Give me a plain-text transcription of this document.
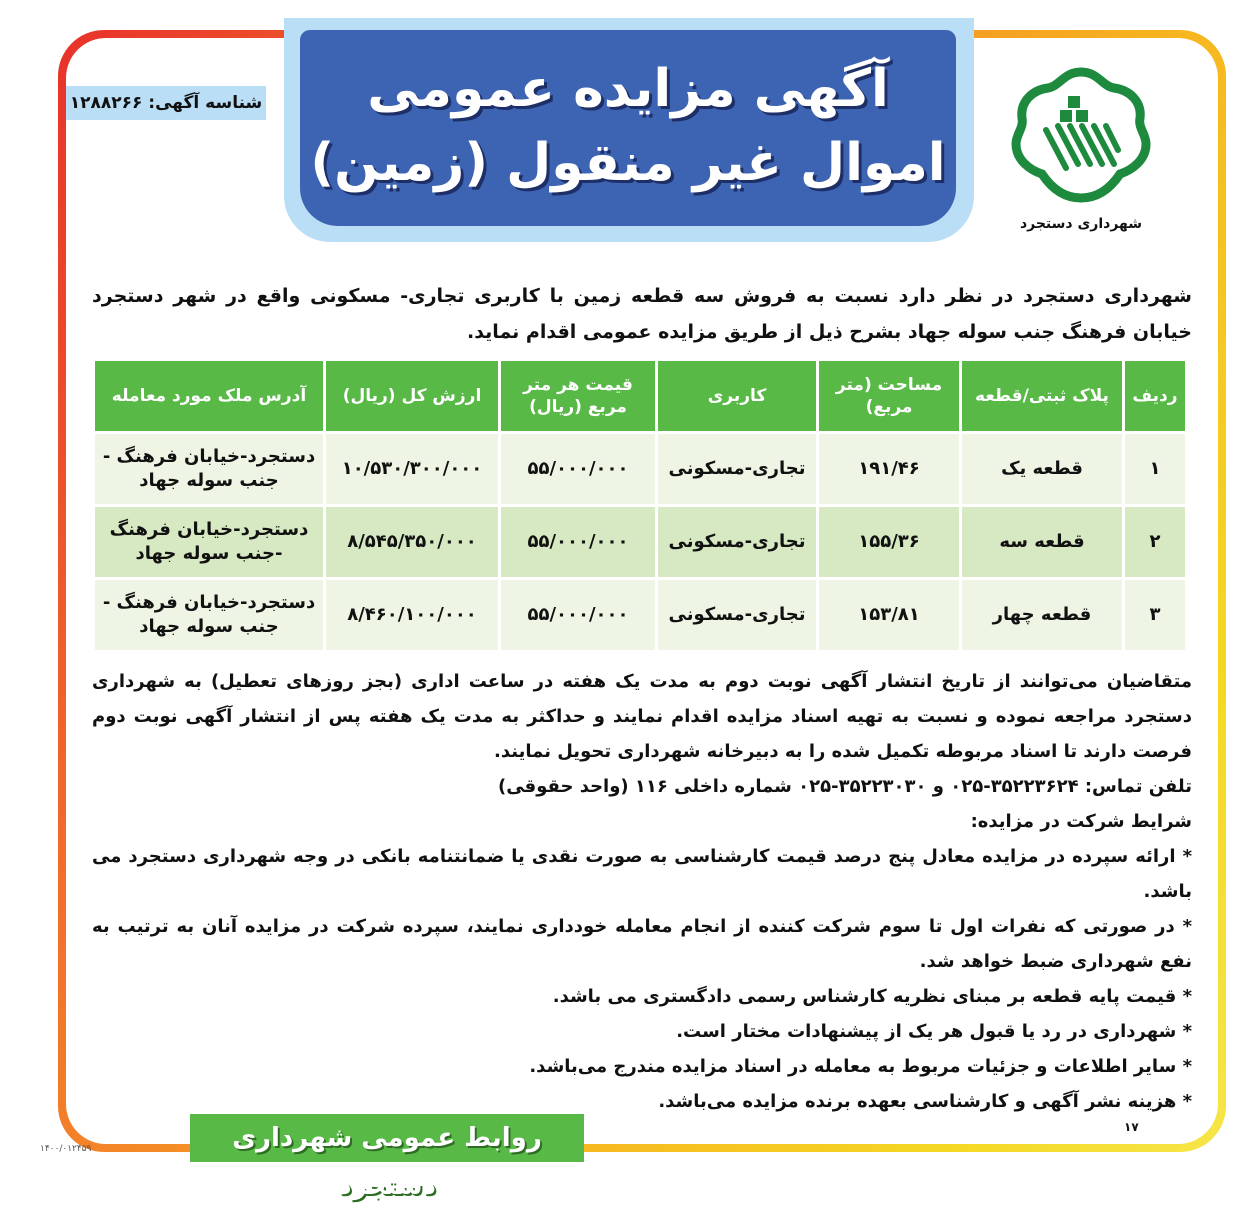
آگهی مزایده عمومی
اموال غیر منقول (زمین)
شناسه آگهی: ۱۲۸۸۲۶۶
شهرداری دستجرد
شهرداری دستجرد در نظر دارد نسبت به فروش سه قطعه زمین با کاربری تجاری- مسکونی واقع در شهر دستجرد خیابان فرهنگ جنب سوله جهاد بشرح ذیل از طریق مزایده عمومی اقدام نماید.
ردیف	پلاک ثبتی/قطعه	مساحت (متر مربع)	کاربری	قیمت هر متر مربع (ریال)	ارزش کل (ریال)	آدرس ملک مورد معامله
۱	قطعه یک	۱۹۱/۴۶	تجاری-مسکونی	۵۵/۰۰۰/۰۰۰	۱۰/۵۳۰/۳۰۰/۰۰۰	دستجرد-خیابان فرهنگ - جنب سوله جهاد
۲	قطعه سه	۱۵۵/۳۶	تجاری-مسکونی	۵۵/۰۰۰/۰۰۰	۸/۵۴۵/۳۵۰/۰۰۰	دستجرد-خیابان فرهنگ -جنب سوله جهاد
۳	قطعه چهار	۱۵۳/۸۱	تجاری-مسکونی	۵۵/۰۰۰/۰۰۰	۸/۴۶۰/۱۰۰/۰۰۰	دستجرد-خیابان فرهنگ - جنب سوله جهاد

متقاضیان می‌توانند از تاریخ انتشار آگهی نوبت دوم به مدت یک هفته در ساعت اداری (بجز روزهای تعطیل) به شهرداری دستجرد مراجعه نموده و نسبت به تهیه اسناد مزایده اقدام نمایند و حداکثر به مدت یک هفته پس از انتشار آگهی نوبت دوم فرصت دارند تا اسناد مربوطه تکمیل شده را به دبیرخانه شهرداری تحویل نمایند.

تلفن تماس: ۳۵۲۲۳۶۲۴-۰۲۵ و ۳۵۲۲۳۰۳۰-۰۲۵ شماره داخلی ۱۱۶ (واحد حقوقی)

شرایط شرکت در مزایده:

* ارائه سپرده در مزایده معادل پنج درصد قیمت کارشناسی به صورت نقدی یا ضمانتنامه بانکی در وجه شهرداری دستجرد می باشد.

* در صورتی که نفرات اول تا سوم شرکت کننده از انجام معامله خودداری نمایند، سپرده شرکت در مزایده آنان به ترتیب به نفع شهرداری ضبط خواهد شد.

* قیمت پایه قطعه بر مبنای نظریه کارشناس رسمی دادگستری می باشد.

* شهرداری در رد یا قبول هر یک از پیشنهادات مختار است.

* سایر اطلاعات و جزئیات مربوط به معامله در اسناد مزایده مندرج می‌باشد.

* هزینه نشر آگهی و کارشناسی بعهده برنده مزایده می‌باشد.

روابط عمومی شهرداری دستجرد
۱۷
۱۴۰۰/۰۱۲۴۵۹
